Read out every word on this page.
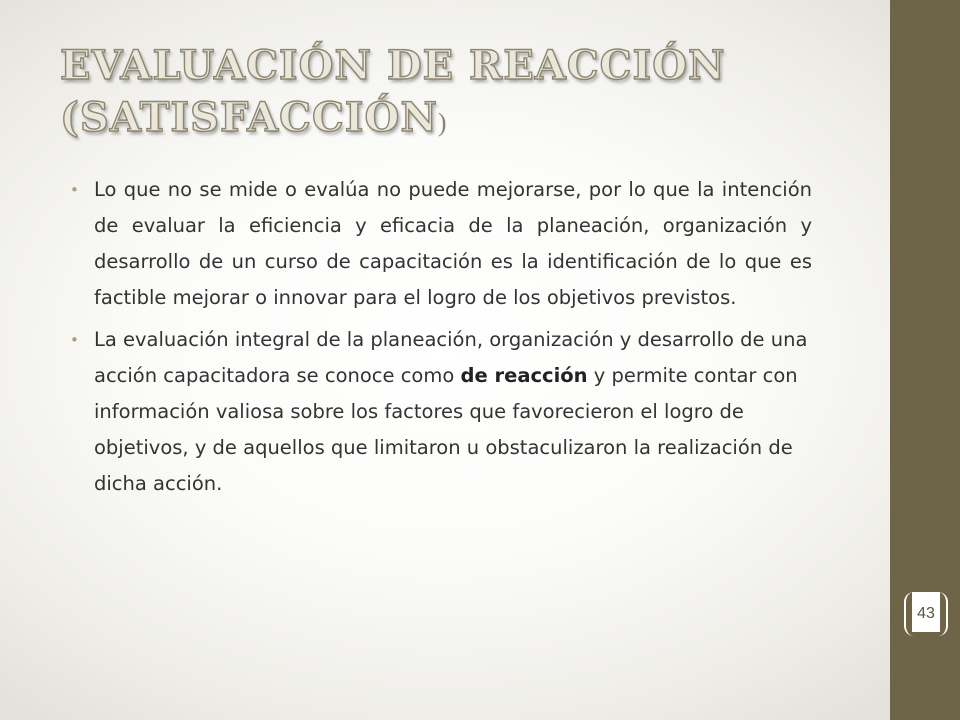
EVALUACIÓN DE REACCIÓN
(SATISFACCIÓN)
• Lo que no se mide o evalúa no puede mejorarse, por lo que la intención de evaluar la eficiencia y eficacia de la planeación, organización y desarrollo de un curso de capacitación es la identificación de lo que es factible mejorar o innovar para el logro de los objetivos previstos.
• La evaluación integral de la planeación, organización y desarrollo de una acción capacitadora se conoce como de reacción y permite contar con información valiosa sobre los factores que favorecieron el logro de objetivos, y de aquellos que limitaron u obstaculizaron la realización de dicha acción.
43
